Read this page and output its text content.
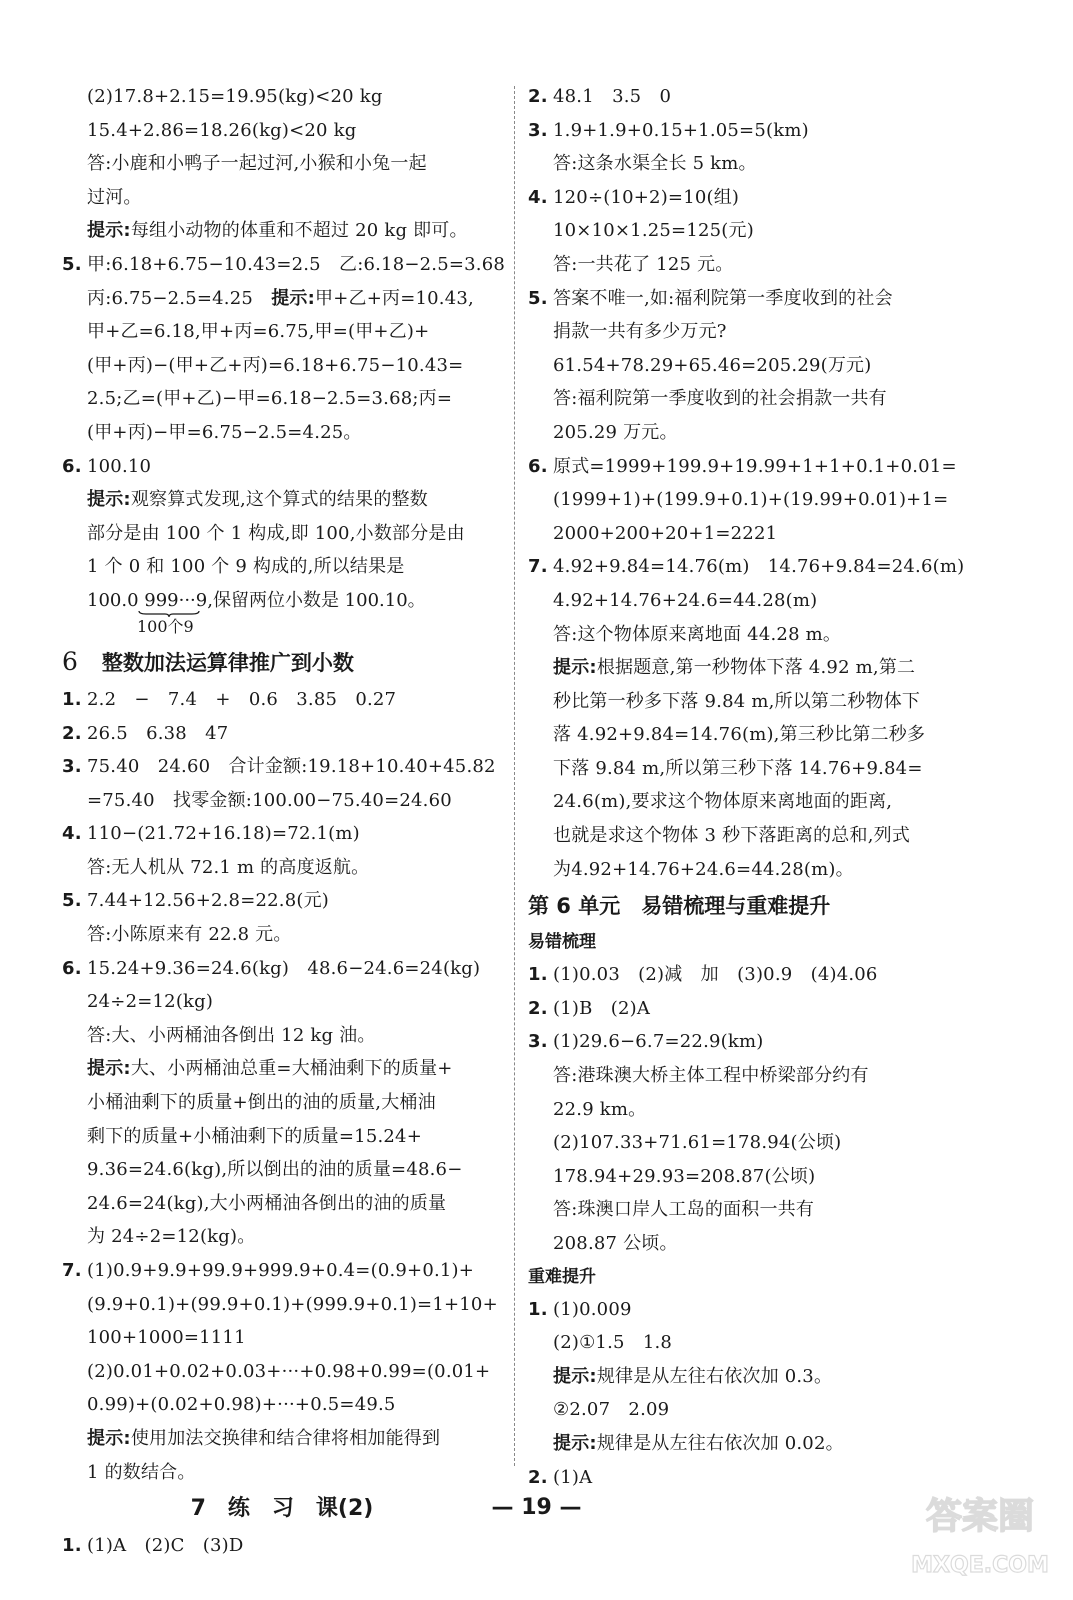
(2)17.8+2.15=19.95(kg)<20 kg
15.4+2.86=18.26(kg)<20 kg
答:小鹿和小鸭子一起过河,小猴和小兔一起
过河。
提示:每组小动物的体重和不超过 20 kg 即可。
5. 甲:6.18+6.75−10.43=2.5　乙:6.18−2.5=3.68
丙:6.75−2.5=4.25　提示:甲+乙+丙=10.43,
甲+乙=6.18,甲+丙=6.75,甲=(甲+乙)+
(甲+丙)−(甲+乙+丙)=6.18+6.75−10.43=
2.5;乙=(甲+乙)−甲=6.18−2.5=3.68;丙=
(甲+丙)−甲=6.75−2.5=4.25。
6. 100.10
提示:观察算式发现,这个算式的结果的整数
部分是由 100 个 1 构成,即 100,小数部分是由
1 个 0 和 100 个 9 构成的,所以结果是
100.0 999···9,保留两位小数是 100.10。
100个9
6 整数加法运算律推广到小数
1. 2.2　−　7.4　+　0.6　3.85　0.27
2. 26.5　6.38　47
3. 75.40　24.60　合计金额:19.18+10.40+45.82
=75.40　找零金额:100.00−75.40=24.60
4. 110−(21.72+16.18)=72.1(m)
答:无人机从 72.1 m 的高度返航。
5. 7.44+12.56+2.8=22.8(元)
答:小陈原来有 22.8 元。
6. 15.24+9.36=24.6(kg)　48.6−24.6=24(kg)
24÷2=12(kg)
答:大、小两桶油各倒出 12 kg 油。
提示:大、小两桶油总重=大桶油剩下的质量+
小桶油剩下的质量+倒出的油的质量,大桶油
剩下的质量+小桶油剩下的质量=15.24+
9.36=24.6(kg),所以倒出的油的质量=48.6−
24.6=24(kg),大小两桶油各倒出的油的质量
为 24÷2=12(kg)。
7. (1)0.9+9.9+99.9+999.9+0.4=(0.9+0.1)+
(9.9+0.1)+(99.9+0.1)+(999.9+0.1)=1+10+
100+1000=1111
(2)0.01+0.02+0.03+···+0.98+0.99=(0.01+
0.99)+(0.02+0.98)+···+0.5=49.5
提示:使用加法交换律和结合律将相加能得到
1 的数结合。
7　练　习　课(2)
1. (1)A　(2)C　(3)D
2. 48.1　3.5　0
3. 1.9+1.9+0.15+1.05=5(km)
答:这条水渠全长 5 km。
4. 120÷(10+2)=10(组)
10×10×1.25=125(元)
答:一共花了 125 元。
5. 答案不唯一,如:福利院第一季度收到的社会
捐款一共有多少万元?
61.54+78.29+65.46=205.29(万元)
答:福利院第一季度收到的社会捐款一共有
205.29 万元。
6. 原式=1999+199.9+19.99+1+1+0.1+0.01=
(1999+1)+(199.9+0.1)+(19.99+0.01)+1=
2000+200+20+1=2221
7. 4.92+9.84=14.76(m)　14.76+9.84=24.6(m)
4.92+14.76+24.6=44.28(m)
答:这个物体原来离地面 44.28 m。
提示:根据题意,第一秒物体下落 4.92 m,第二
秒比第一秒多下落 9.84 m,所以第二秒物体下
落 4.92+9.84=14.76(m),第三秒比第二秒多
下落 9.84 m,所以第三秒下落 14.76+9.84=
24.6(m),要求这个物体原来离地面的距离,
也就是求这个物体 3 秒下落距离的总和,列式
为4.92+14.76+24.6=44.28(m)。
第 6 单元　易错梳理与重难提升
易错梳理
1. (1)0.03　(2)减　加　(3)0.9　(4)4.06
2. (1)B　(2)A
3. (1)29.6−6.7=22.9(km)
答:港珠澳大桥主体工程中桥梁部分约有
22.9 km。
(2)107.33+71.61=178.94(公顷)
178.94+29.93=208.87(公顷)
答:珠澳口岸人工岛的面积一共有
208.87 公顷。
重难提升
1. (1)0.009
(2)①1.5　1.8
提示:规律是从左往右依次加 0.3。
②2.07　2.09
提示:规律是从左往右依次加 0.02。
2. (1)A
— 19 —	答案圈
MXQE.COM
